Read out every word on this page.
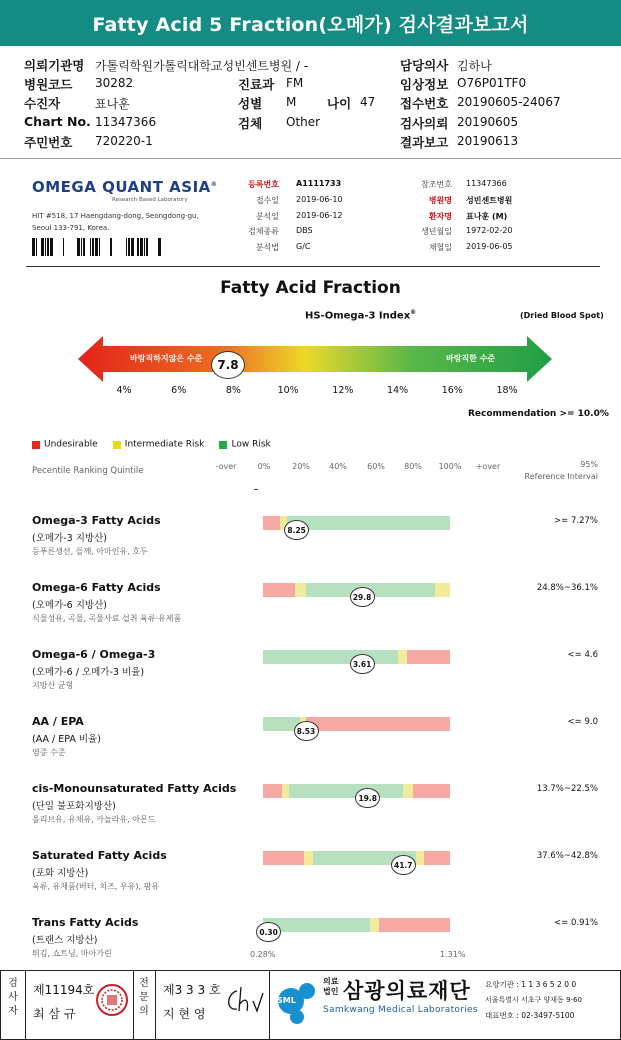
Fatty Acid 5 Fraction(오메가) 검사결과보고서
의뢰기관명 가톨릭학원가톨릭대학교성빈센트병원 / -
병원코드 30282
수진자	표나훈
Chart No. 11347366
주민번호 720220-1
진료과 FM
성별 M 나이 47
검체 Other
담당의사 김하나
임상정보 O76P01TF0
접수번호 20190605-24067
검사의뢰 20190605
결과보고 20190613
OMEGA QUANT ASIA®
Research Based Laboratory
HIT #518, 17 Haengdang-dong, Seongdong-gu,
Seoul 133-791, Korea.
등록번호 A1111733
접수일 2019-06-10
분석일 2019-06-12
검체종류 DBS
분석법 G/C
참조번호 11347366
병원명 성빈센트병원
환자명 표나훈 (M)
생년월일 1972-02-20
채혈일 2019-06-05
Fatty Acid Fraction
HS-Omega-3 Index®	(Dried Blood Spot)
바람직하지않은 수준	바람직한 수준
7.8
4%	6%	8%	10%	12%	14%	16%	18%
Recommendation >= 10.0%
Undesirable	Intermediate Risk	Low Risk
Pecentile Ranking Quintile	-over	0%	20%	40%	60%	80%	100%	+over	95%
Reference Interval
Omega-3 Fatty Acids
(오메가-3 지방산)
등푸른생선, 들깨, 아마인유, 호두
>= 7.27%
8.25
Omega-6 Fatty Acids
(오메가-6 지방산)
식물성유, 곡물, 곡물사료 섭취 육류·유제품
24.8%~36.1%
29.8
Omega-6 / Omega-3
(오메가-6 / 오메가-3 비율)
지방산 균형
<= 4.6
3.61
AA / EPA
(AA / EPA 비율)
염증 수준
<= 9.0
8.53
cis-Monounsaturated Fatty Acids
(단일 불포화지방산)
올리브유, 유채유, 카놀라유, 아몬드
13.7%~22.5%
19.8
Saturated Fatty Acids
(포화 지방산)
육류, 유제품(버터, 치즈, 우유), 팜유
37.6%~42.8%
41.7
Trans Fatty Acids
(트랜스 지방산)
튀김, 쇼트닝, 마아가린
<= 0.91%
0.30
0.28%	1.31%
검사자
제11194호
최 삼 규
전문의
제3 3 3 호
지 현 영
SML
의료법인 삼광의료재단
Samkwang Medical Laboratories
요양기관 : 1 1 3 6 5 2 0 0
서울특별시 서초구 양재동 9-60
대표번호 : 02-3497-5100
